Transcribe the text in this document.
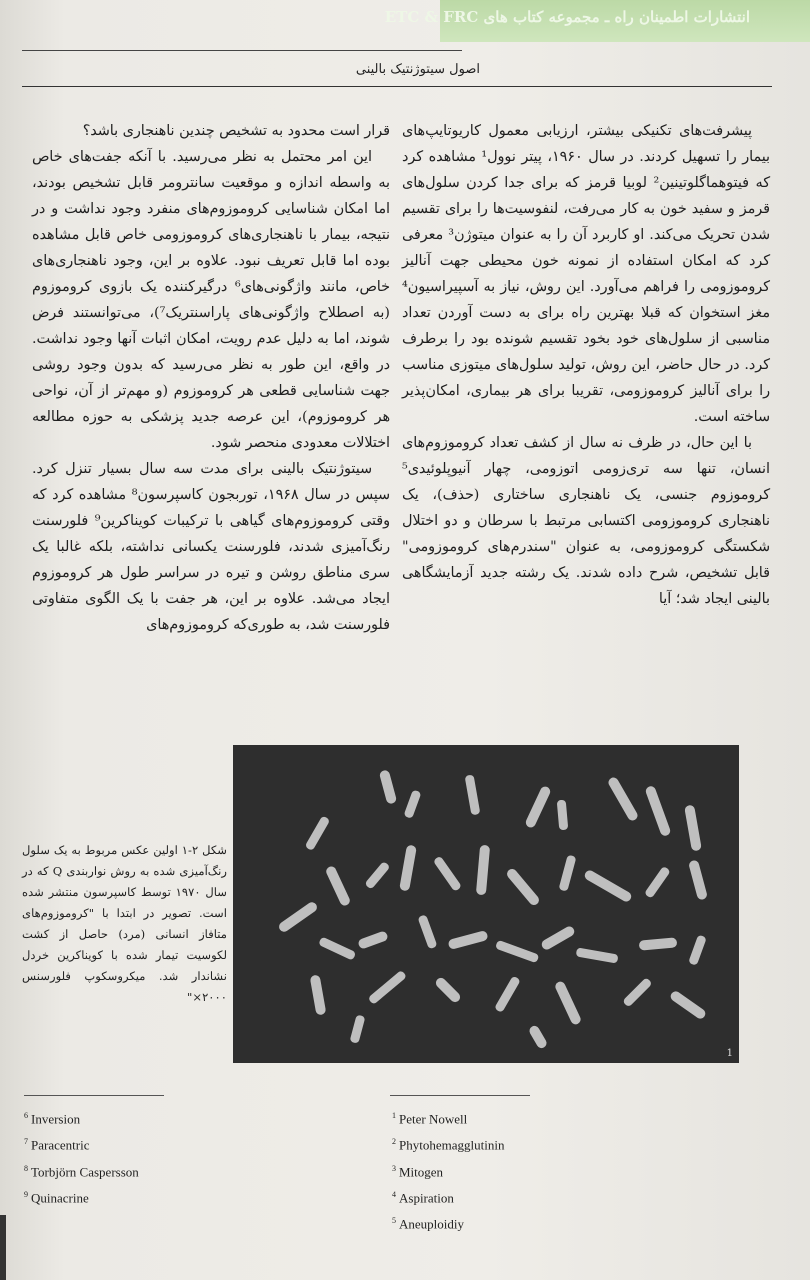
انتشارات اطمینان راه ـ مجموعه کتاب های ETC & FRC
اصول سیتوژنتیک بالینی

پیشرفت‌های تکنیکی بیشتر، ارزیابی معمول کاریوتایپ‌های بیمار را تسهیل کردند. در سال ۱۹۶۰، پیتر نوول¹ مشاهده کرد که فیتوهماگلوتینین² لوبیا قرمز که برای جدا کردن سلول‌های قرمز و سفید خون به کار می‌رفت، لنفوسیت‌ها را برای تقسیم شدن تحریک می‌کند. او کاربرد آن را به عنوان میتوژن³ معرفی کرد که امکان استفاده از نمونه خون محیطی جهت آنالیز کروموزومی را فراهم می‌آورد. این روش، نیاز به آسپیراسیون⁴ مغز استخوان که قبلا بهترین راه برای به دست آوردن تعداد مناسبی از سلول‌های خود بخود تقسیم شونده بود را برطرف کرد. در حال حاضر، این روش، تولید سلول‌های میتوزی مناسب را برای آنالیز کروموزومی، تقریبا برای هر بیماری، امکان‌پذیر ساخته است.

با این حال، در ظرف نه سال از کشف تعداد کروموزوم‌های انسان، تنها سه تری‌زومی اتوزومی، چهار آنیوپلوئیدی⁵ کروموزوم جنسی، یک ناهنجاری ساختاری (حذف)، یک ناهنجاری کروموزومی اکتسابی مرتبط با سرطان و دو اختلال شکستگی کروموزومی، به عنوان "سندرم‌های کروموزومی" قابل تشخیص، شرح داده شدند. یک رشته جدید آزمایشگاهی بالینی ایجاد شد؛ آیا

قرار است محدود به تشخیص چندین ناهنجاری باشد؟

این امر محتمل به نظر می‌رسید. با آنکه جفت‌های خاص به واسطه اندازه و موقعیت سانترومر قابل تشخیص بودند، اما امکان شناسایی کروموزوم‌های منفرد وجود نداشت و در نتیجه، بیمار با ناهنجاری‌های کروموزومی خاص قابل مشاهده بوده اما قابل تعریف نبود. علاوه بر این، وجود ناهنجاری‌های خاص، مانند واژگونی‌های⁶ درگیرکننده یک بازوی کروموزوم (به اصطلاح واژگونی‌های پاراسنتریک⁷)، می‌توانستند فرض شوند، اما به دلیل عدم رویت، امکان اثبات آنها وجود نداشت. در واقع، این طور به نظر می‌رسید که بدون وجود روشی جهت شناسایی قطعی هر کروموزوم (و مهم‌تر از آن، نواحی هر کروموزوم)، این عرصه جدید پزشکی به حوزه مطالعه اختلالات معدودی منحصر شود.

سیتوژنتیک بالینی برای مدت سه سال بسیار تنزل کرد. سپس در سال ۱۹۶۸، توربجون کاسپرسون⁸ مشاهده کرد که وقتی کروموزوم‌های گیاهی با ترکیبات کویناکرین⁹ فلورسنت رنگ‌آمیزی شدند، فلورسنت یکسانی نداشته، بلکه غالبا یک سری مناطق روشن و تیره در سراسر طول هر کروموزوم ایجاد می‌شد. علاوه بر این، هر جفت با یک الگوی متفاوتی فلورسنت شد، به طوری‌که کروموزوم‌های

1
شکل ۲-۱ اولین عکس مربوط به یک سلول رنگ‌آمیزی شده به روش نواربندی Q که در سال ۱۹۷۰ توسط کاسپرسون منتشر شده است. تصویر در ابتدا با "کروموزوم‌های متافاز انسانی (مرد) حاصل از کشت لکوسیت تیمار شده با کویناکرین خردل نشاندار شد. میکروسکوپ فلورسنس ۲۰۰۰×"
$^1$ Peter Nowell
$^2$ Phytohemagglutinin
$^3$ Mitogen
$^4$ Aspiration
$^5$ Aneuploidiy
$^6$ Inversion
$^7$ Paracentric
$^8$ Torbjörn Caspersson
$^9$ Quinacrine
